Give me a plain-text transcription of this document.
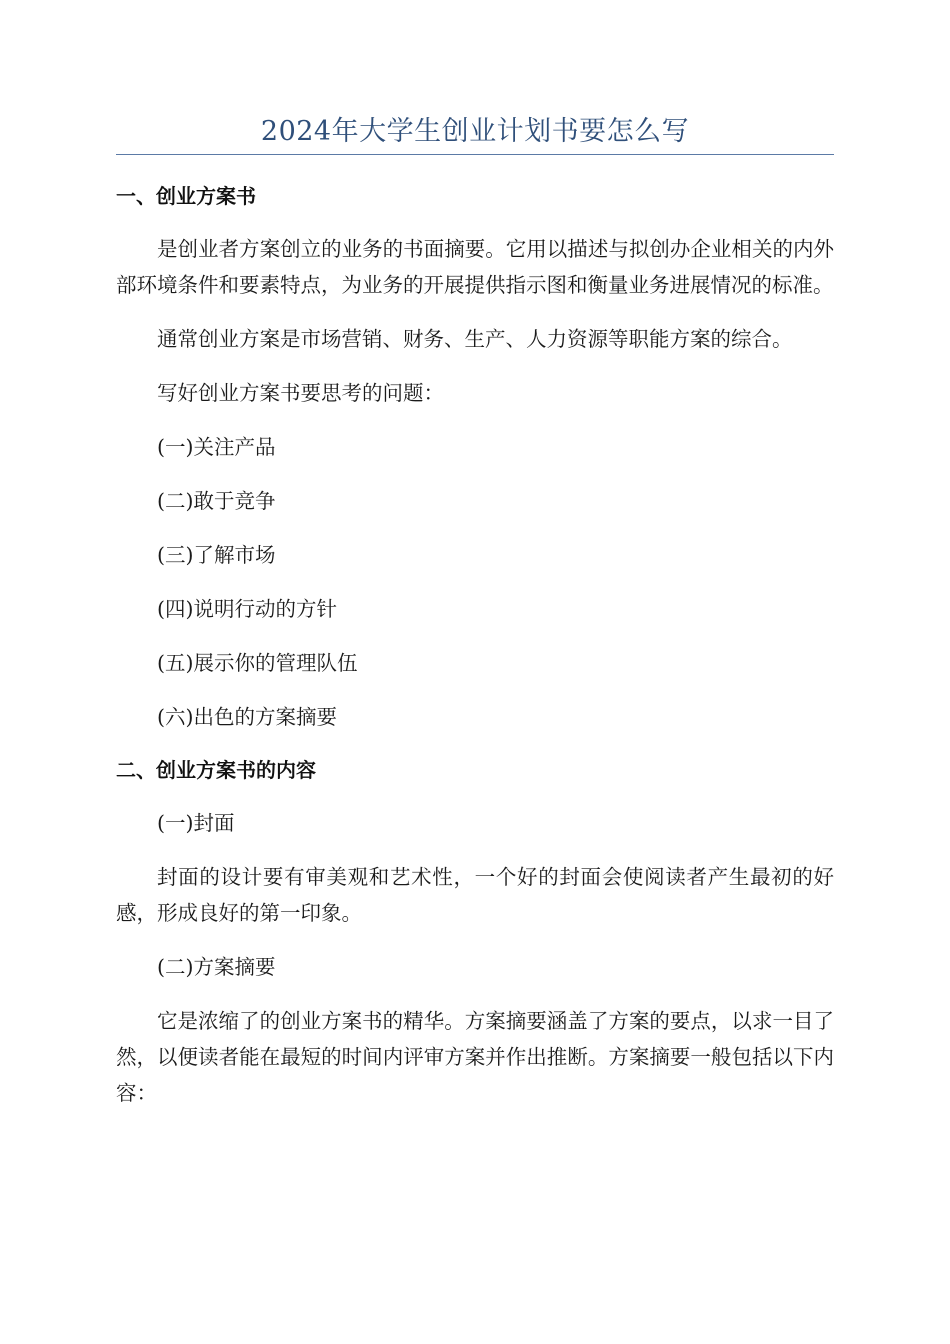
2024年大学生创业计划书要怎么写
一、创业方案书

是创业者方案创立的业务的书面摘要。它用以描述与拟创办企业相关的内外部环境条件和要素特点，为业务的开展提供指示图和衡量业务进展情况的标准。

通常创业方案是市场营销、财务、生产、人力资源等职能方案的综合。

写好创业方案书要思考的问题：

(一)关注产品

(二)敢于竞争

(三)了解市场

(四)说明行动的方针

(五)展示你的管理队伍

(六)出色的方案摘要

二、创业方案书的内容

(一)封面

封面的设计要有审美观和艺术性，一个好的封面会使阅读者产生最初的好感，形成良好的第一印象。

(二)方案摘要

它是浓缩了的创业方案书的精华。方案摘要涵盖了方案的要点，以求一目了然，以便读者能在最短的时间内评审方案并作出推断。方案摘要一般包括以下内容：
